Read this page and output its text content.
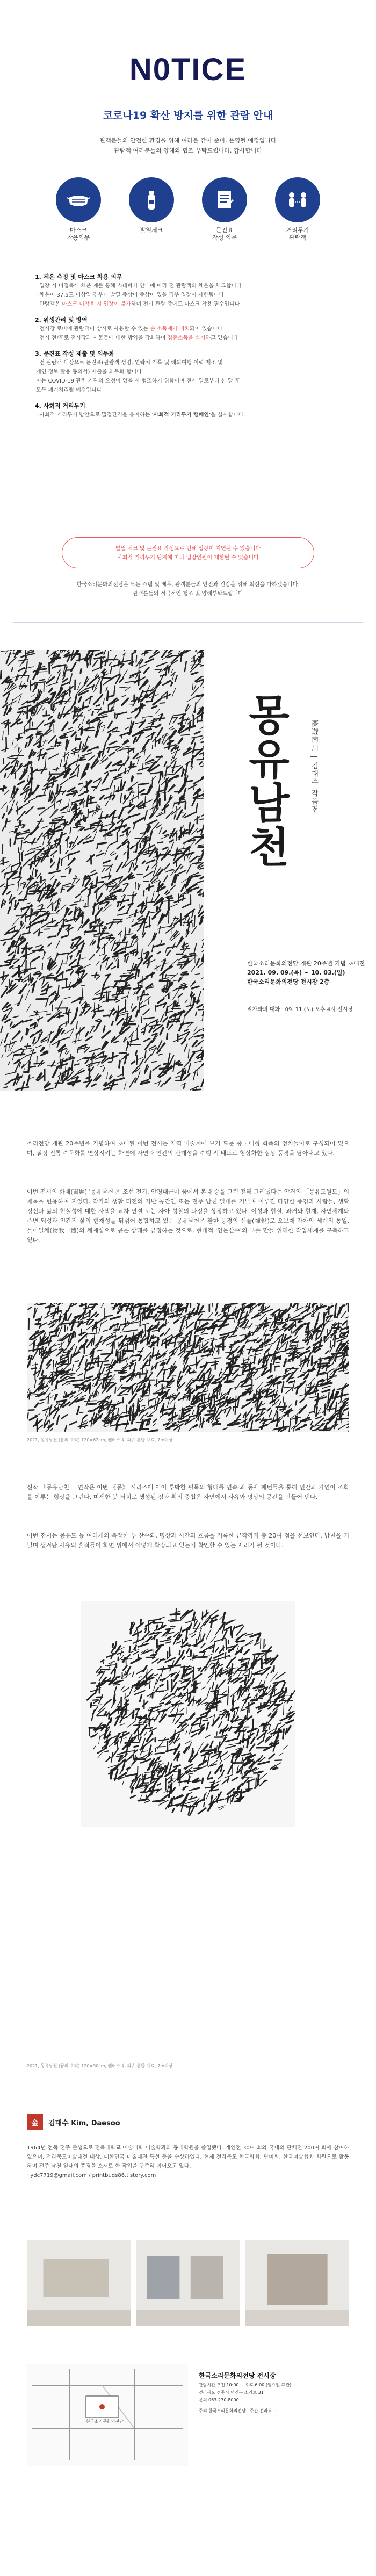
N0TICE
코로나19 확산 방지를 위한 관람 안내
관객분들의 안전한 환경을 위해 여러분 같이 준비, 운영될 예정입니다
관람객 여러분들의 양해와 협조 부탁드립니다. 감사합니다
마스크
착용의무
발열체크	문진표
작성 의무
거리두기
관람객
1. 체온 측정 및 마스크 착용 의무
· 입장 시 비접촉식 체온 계를 통해 스테파가 안내에 따라 전 관람객의 체온을 체크합니다
· 체온이 37.5도 이상일 경우나 발열 증상이 증상이 있을 경우 입장이 제한됩니다
· 관람객은 마스크 미착용 시 입장이 불가하며 전시 관람 중에도 마스크 착용 필수입니다
2. 위생관리 및 방역
· 전시장 로비에 관람객이 상시로 사용할 수 있는 손 소독제가 비치되어 있습니다
· 전시 전/후로 전시장과 사물들에 대한 방역을 강화하며 집중소독을 실시하고 있습니다
3. 문진표 작성 제출 및 의무화
· 전 관람객 대상으로 문진표(관람객 성명, 연락처 기록 및 해외여행 이력 제조 및
개인 정보 활용 동의서) 제출을 의무화 합니다
이는 COVID-19 관련 기관의 요청이 있을 시 협조하기 위함이며 전시 일로부터 한 달 후
모두 폐기처리될 예정입니다
4. 사회적 거리두기
· 사회적 거리두기 방안으로 밀접간격을 유지하는 '사회적 거리두기 캠페인'을 실시합니다.
발열 체크 및 문진표 작성으로 인해 입장이 지연될 수 있습니다
사회적 거리두기 단계에 따라 입장인원이 제한될 수 있습니다
한국소리문화의전당은 모든 스텝 및 배우, 관객분들의 안전과 건강을 위해 최선을 다하겠습니다.
관객분들의 적극적인 협조 및 양해부탁드립니다
몽유남천	夢遊南川 | 김대수 작품전
한국소리문화의전당 개관 20주년 기념 초대전
2021. 09. 09.(목) ~ 10. 03.(일)
한국소리문화의전당 전시장 2층
작가와의 대화 · 09. 11.(토) 오후 4시 전시장
소리전당 개관 20주년을 기념하며 초대된 이번 전시는 지역 미술계에 보기 드문 중 · 대형 화폭의 정치들이로 구성되어 있으며, 절정 전통 수묵화를 연상시키는 화면에 자연과 인간의 관계성을 수행 적 태도로 형상화한 심상 풍경을 담아내고 있다.
이번 전시의 화제(畵題) '몽유남천'은 조선 전기, 안평대군이 꿈에서 본 유승을 그림 전해 그려냈다는 안견의 「몽유도원도」의 제목을 변용하여 지었다. 작가의 생활 터전의 지반 공간인 또는 전주 남천 일대를 거닐며 이루진 다양한 풍경과 사람들, 생활 정신과 삶의 현실성에 대한 사색을 교차 연결 또는 자아 성찰의 과정을 상징하고 있다. 이성과 현실, 과거와 현재, 자연세계와 주변 되성과 인간적 삶의 현재성을 뒤섞어 통합하고 있는 몽유남천은 환한 풍경의 선율(禪悅)로 오브제 자아의 세계의 통일, 물아일체(物我一體)의 체계성으로 공은 상태를 긍정하는 것으로, 현대적 '인문산수'의 부를 만들 위해한 작업세계를 구축하고 있다.
2021, 몽유남천 (봄의 소리) 120×62cm, 캔버스 위 과슈 혼합 재료, 7m이상
신작 「몽유남천」 연작은 이번 《몽》 시리즈에 이어 투박한 필묵의 형태를 연속 과 동세 패턴들을 통해 인간과 자연이 조화를 이루는 형상을 그린다. 미세한 붓 터치로 생성된 점과 획의 중첩은 자연에서 사유와 명상의 공간을 만들어 낸다.
이번 전시는 몽유도 등 여러개의 복잡한 두 산수와, 명상과 시간의 흐름을 기록한 근작까지 총 20여 점을 선보인다. 남천을 거닐며 생겨난 사유의 흔적들이 화면 위에서 어떻게 확장되고 있는지 확인할 수 있는 자리가 될 것이다.
2021, 몽유남천 (꿈의 소리) 120×90cm, 캔버스 위 과슈 혼합 재료, 7m이상
金	김대수 Kim, Daesoo
1964년 전북 전주 출생으로 전북대학교 예술대학 미술학과와 동대학원을 졸업했다. 개인전 30여 회와 국내외 단체전 200여 회에 참여하였으며, 전라북도미술대전 대상, 대한민국 미술대전 특선 등을 수상하였다. 현재 전라북도 한국화회, 단미회, 한국미술협회 회원으로 활동하며 전주 남천 일대의 풍경을 소재로 한 작업을 꾸준히 이어오고 있다.
· ydc7719@gmail.com / printbuds86.tistory.com
한국소리문화의전당
한국소리문화의전당 전시장
관람시간 오전 10:00 ~ 오후 6:00 (월요일 휴관)
전라북도 전주시 덕진구 소리로 31
문의 063-270-8000
주최 한국소리문화의전당 · 주관 전라북도
